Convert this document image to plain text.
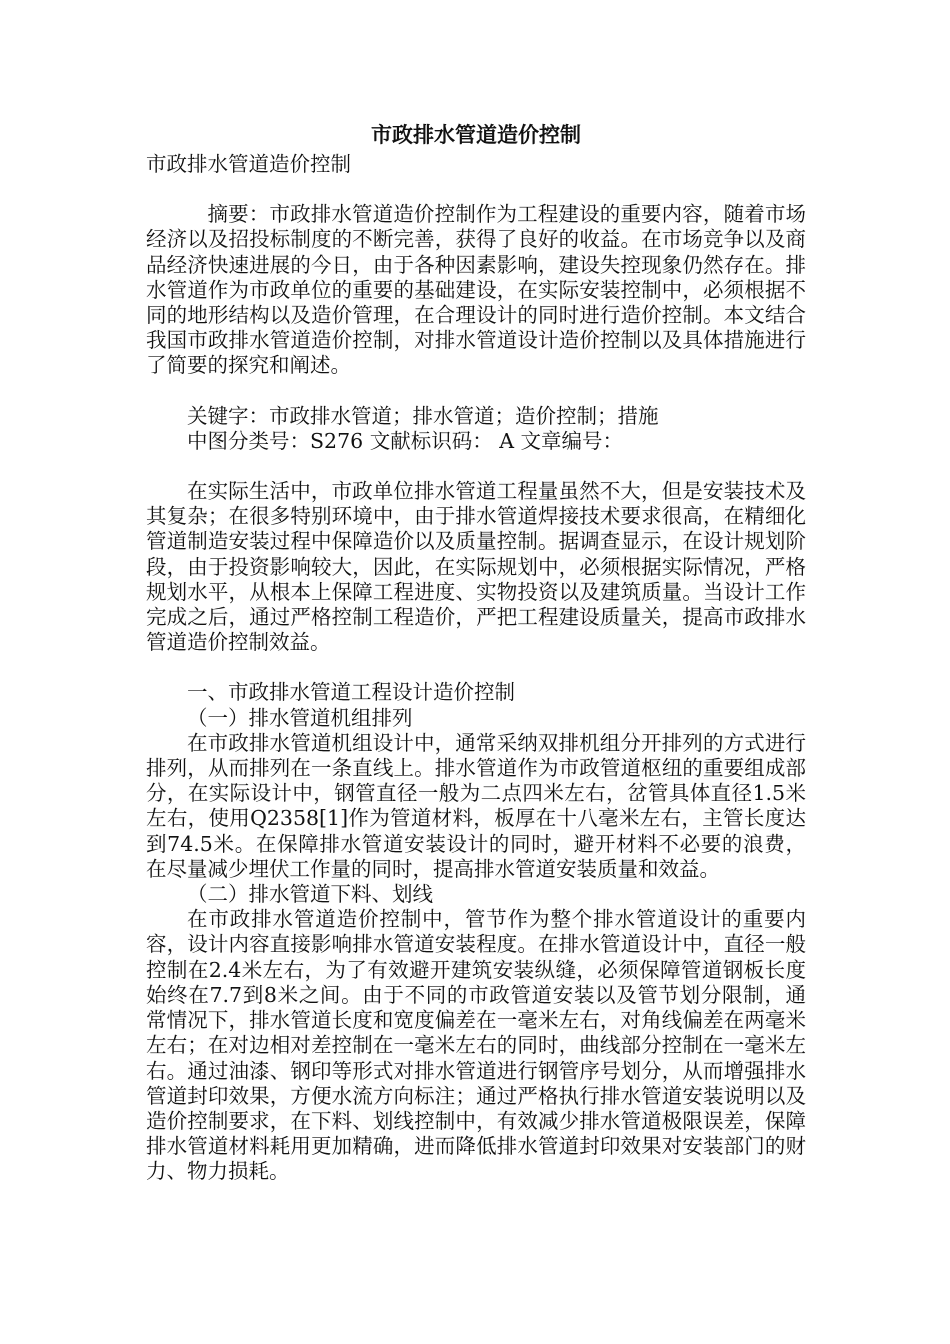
市政排水管道造价控制

市政排水管道造价控制

摘要：市政排水管道造价控制作为工程建设的重要内容，随着市场经济以及招投标制度的不断完善，获得了良好的收益。在市场竞争以及商品经济快速进展的今日，由于各种因素影响，建设失控现象仍然存在。排水管道作为市政单位的重要的基础建设，在实际安装控制中，必须根据不同的地形结构以及造价管理，在合理设计的同时进行造价控制。本文结合我国市政排水管道造价控制，对排水管道设计造价控制以及具体措施进行了简要的探究和阐述。

关键字：市政排水管道；排水管道；造价控制；措施

中图分类号：S276 文献标识码： A 文章编号：

在实际生活中，市政单位排水管道工程量虽然不大，但是安装技术及其复杂；在很多特别环境中，由于排水管道焊接技术要求很高，在精细化管道制造安装过程中保障造价以及质量控制。据调查显示，在设计规划阶段，由于投资影响较大，因此，在实际规划中，必须根据实际情况，严格规划水平，从根本上保障工程进度、实物投资以及建筑质量。当设计工作完成之后，通过严格控制工程造价，严把工程建设质量关，提高市政排水管道造价控制效益。

一、市政排水管道工程设计造价控制

（一）排水管道机组排列

在市政排水管道机组设计中，通常采纳双排机组分开排列的方式进行排列，从而排列在一条直线上。排水管道作为市政管道枢纽的重要组成部分，在实际设计中，钢管直径一般为二点四米左右，岔管具体直径1.5米左右，使用Q2358[1]作为管道材料，板厚在十八毫米左右，主管长度达到74.5米。在保障排水管道安装设计的同时，避开材料不必要的浪费，在尽量减少埋伏工作量的同时，提高排水管道安装质量和效益。

（二）排水管道下料、划线

在市政排水管道造价控制中，管节作为整个排水管道设计的重要内容，设计内容直接影响排水管道安装程度。在排水管道设计中，直径一般控制在2.4米左右，为了有效避开建筑安装纵缝，必须保障管道钢板长度始终在7.7到8米之间。由于不同的市政管道安装以及管节划分限制，通常情况下，排水管道长度和宽度偏差在一毫米左右，对角线偏差在两毫米左右；在对边相对差控制在一毫米左右的同时，曲线部分控制在一毫米左右。通过油漆、钢印等形式对排水管道进行钢管序号划分，从而增强排水管道封印效果，方便水流方向标注；通过严格执行排水管道安装说明以及造价控制要求，在下料、划线控制中，有效减少排水管道极限误差，保障排水管道材料耗用更加精确，进而降低排水管道封印效果对安装部门的财力、物力损耗。
